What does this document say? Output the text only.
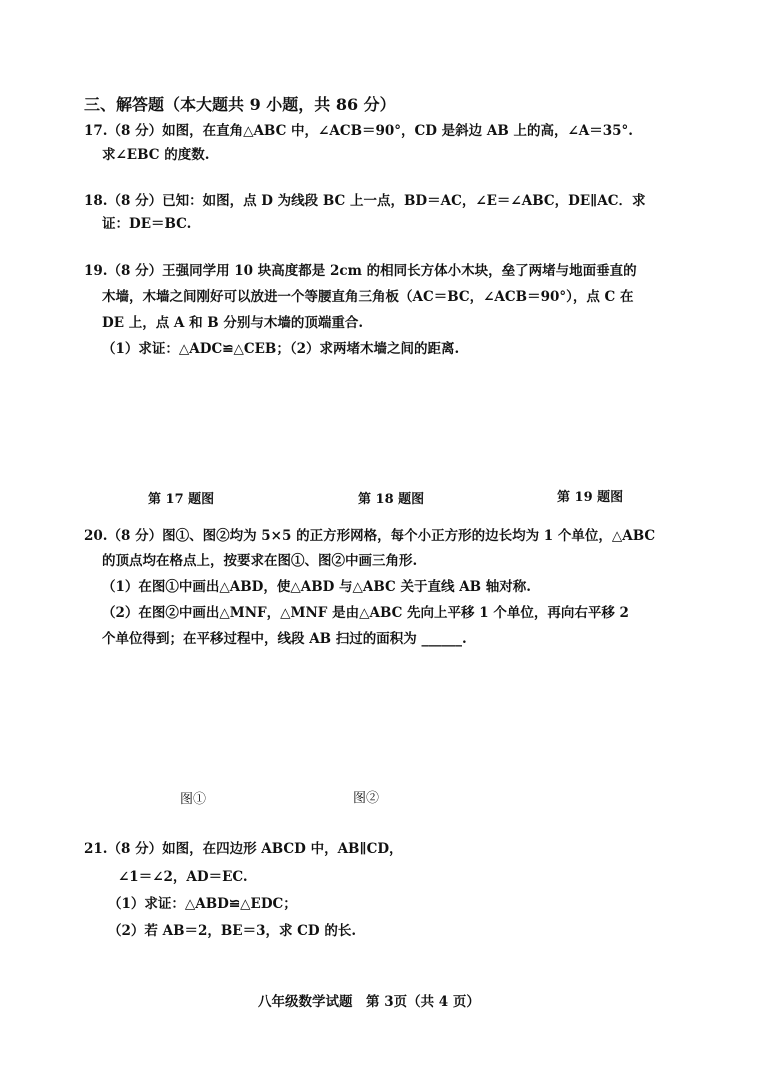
三、解答题（本大题共 9 小题，共 86 分）
17.（8 分）如图，在直角△ABC 中，∠ACB＝90°，CD 是斜边 AB 上的高，∠A＝35°.
求∠EBC 的度数.
18.（8 分）已知：如图，点 D 为线段 BC 上一点，BD＝AC，∠E＝∠ABC，DE∥AC．求
证：DE＝BC.
19.（8 分）王强同学用 10 块高度都是 2cm 的相同长方体小木块，垒了两堵与地面垂直的
木墙，木墙之间刚好可以放进一个等腰直角三角板（AC＝BC，∠ACB＝90°），点 C 在
DE 上，点 A 和 B 分别与木墙的顶端重合.
（1）求证：△ADC≌△CEB；（2）求两堵木墙之间的距离.
A	C
D
B
E	E
B	D
C
A	A
B
D	C E
第 17 题图	第 18 题图	第 19 题图
20.（8 分）图①、图②均为 5×5 的正方形网格，每个小正方形的边长均为 1 个单位，△ABC
的顶点均在格点上，按要求在图①、图②中画三角形.
（1）在图①中画出△ABD，使△ABD 与△ABC 关于直线 AB 轴对称.
（2）在图②中画出△MNF，△MNF 是由△ABC 先向上平移 1 个单位，再向右平移 2
个单位得到；在平移过程中，线段 AB 扫过的面积为 ______.
A
C	B
A
C	B
图①	图②
21.（8 分）如图，在四边形 ABCD 中，AB∥CD，
∠1＝∠2，AD＝EC.
（1）求证：△ABD≌△EDC；
（2）若 AB＝2，BE＝3，求 CD 的长.
A	B
E
D	C
1
2
八年级数学试题　第 3页（共 4 页）
